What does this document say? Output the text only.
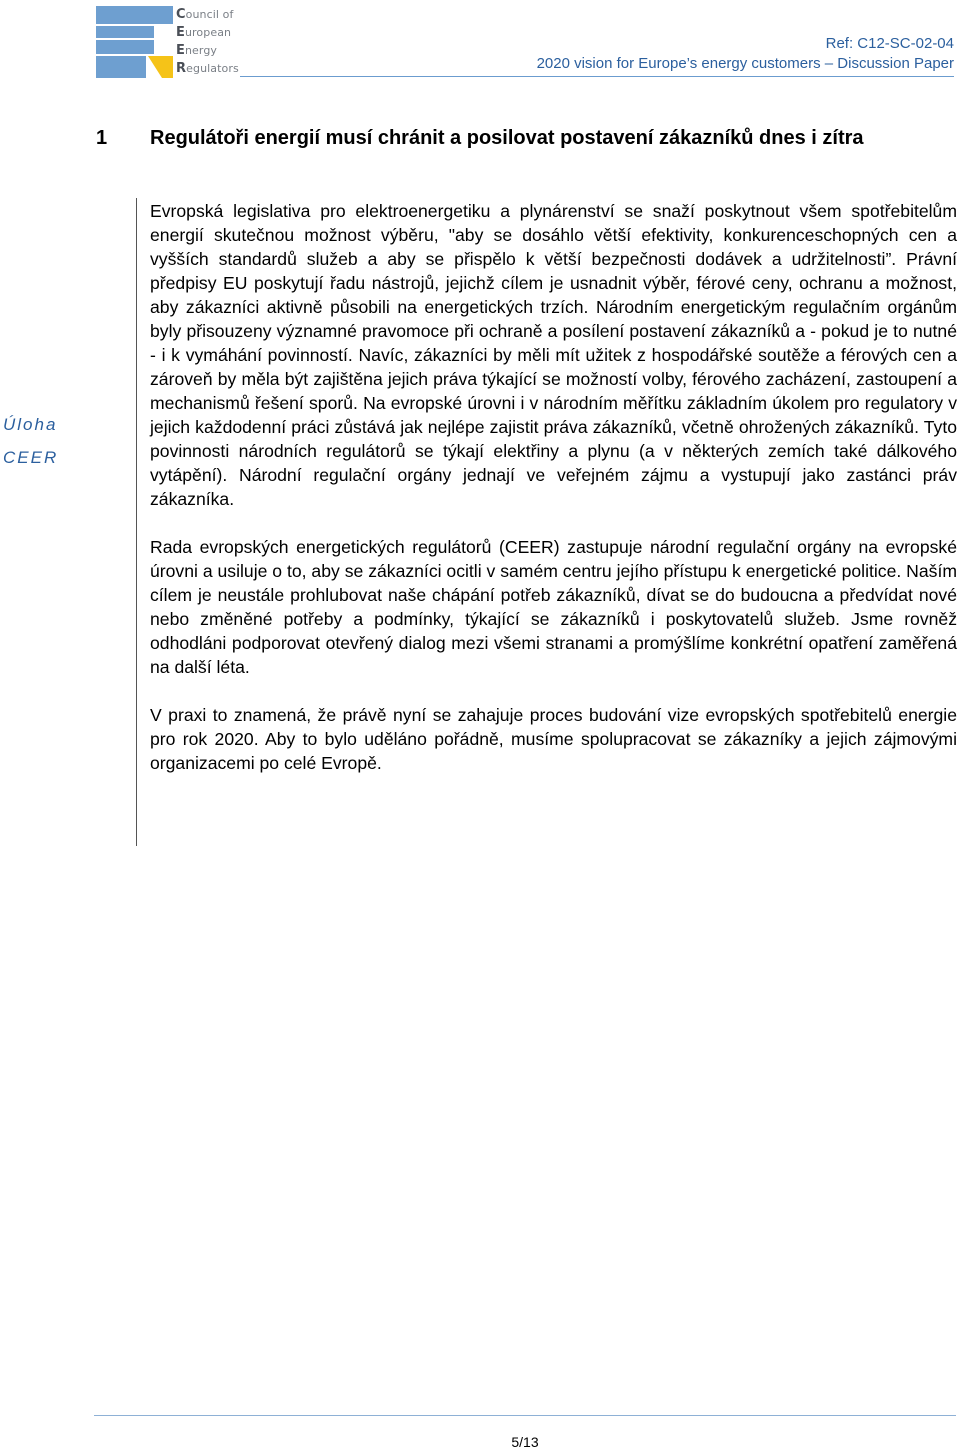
Council of
European
Energy
Regulators
Ref: C12-SC-02-04
2020 vision for Europe’s energy customers – Discussion Paper
1 Regulátoři energií musí chránit a posilovat postavení zákazníků dnes i zítra
Úloha
CEER

Evropská legislativa pro elektroenergetiku a plynárenství se snaží poskytnout všem spotřebitelům energií skutečnou možnost výběru, "aby se dosáhlo větší efektivity, konkurenceschopných cen a vyšších standardů služeb a aby se přispělo k větší bezpečnosti dodávek a udržitelnosti”. Právní předpisy EU poskytují řadu nástrojů, jejichž cílem je usnadnit výběr, férové ceny, ochranu a možnost, aby zákazníci aktivně působili na energetických trzích. Národním energetickým regulačním orgánům byly přisouzeny významné pravomoce při ochraně a posílení postavení zákazníků a - pokud je to nutné - i k vymáhání povinností. Navíc, zákazníci by měli mít užitek z hospodářské soutěže a férových cen a zároveň by měla být zajištěna jejich práva týkající se možností volby, férového zacházení, zastoupení a mechanismů řešení sporů. Na evropské úrovni i v národním měřítku základním úkolem pro regulatory v jejich každodenní práci zůstává jak nejlépe zajistit práva zákazníků, včetně ohrožených zákazníků. Tyto povinnosti národních regulátorů se týkají elektřiny a plynu (a v některých zemích také dálkového vytápění). Národní regulační orgány jednají ve veřejném zájmu a vystupují jako zastánci práv zákazníka.

Rada evropských energetických regulátorů (CEER) zastupuje národní regulační orgány na evropské úrovni a usiluje o to, aby se zákazníci ocitli v samém centru jejího přístupu k energetické politice. Naším cílem je neustále prohlubovat naše chápání potřeb zákazníků, dívat se do budoucna a předvídat nové nebo změněné potřeby a podmínky, týkající se zákazníků i poskytovatelů služeb. Jsme rovněž odhodláni podporovat otevřený dialog mezi všemi stranami a promýšlíme konkrétní opatření zaměřená na další léta.

V praxi to znamená, že právě nyní se zahajuje proces budování vize evropských spotřebitelů energie pro rok 2020. Aby to bylo uděláno pořádně, musíme spolupracovat se zákazníky a jejich zájmovými organizacemi po celé Evropě.

5/13
